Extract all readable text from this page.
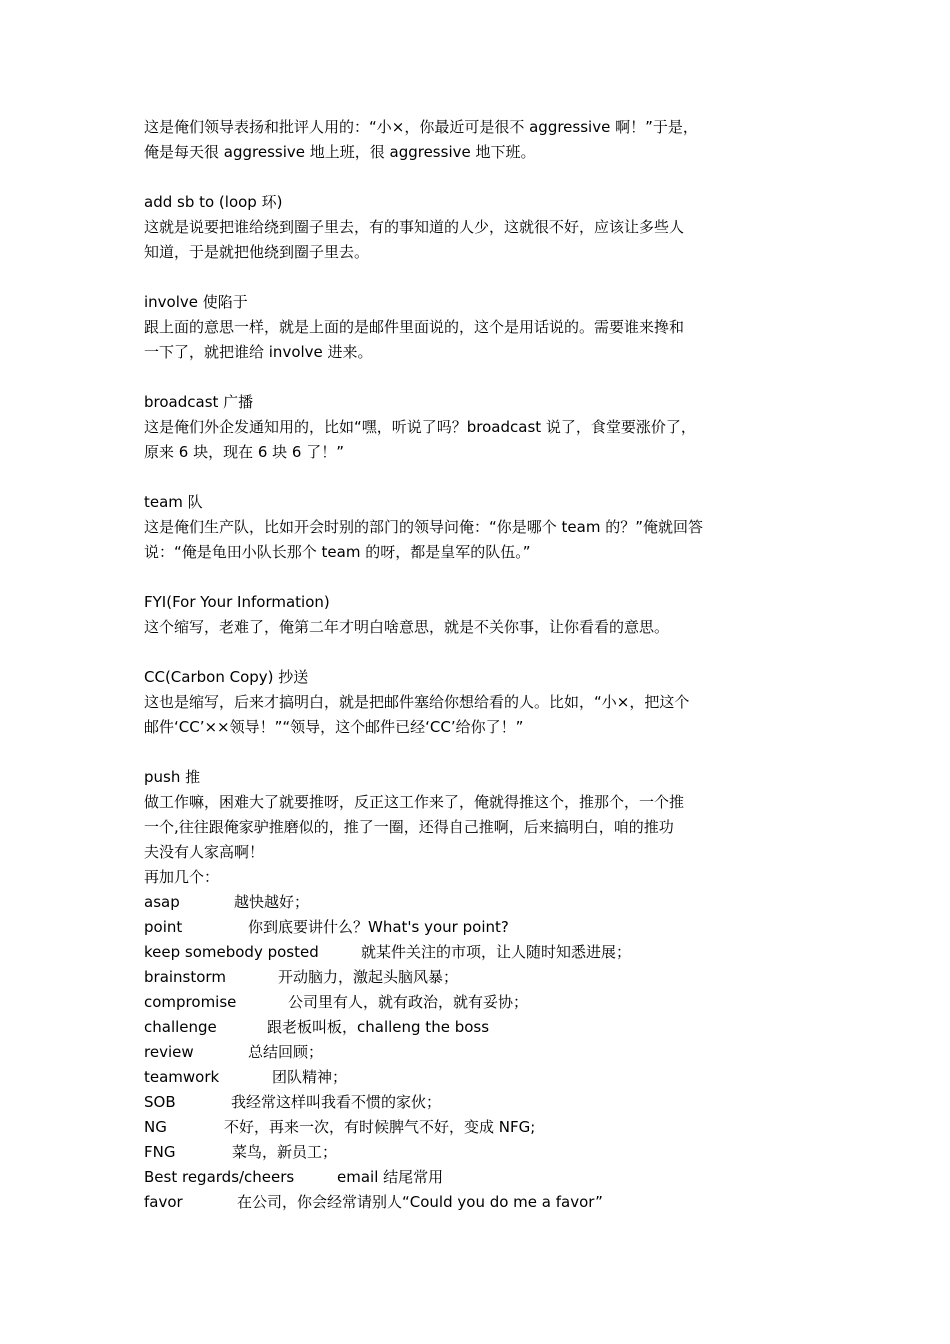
这是俺们领导表扬和批评人用的：“小×，你最近可是很不 aggressive 啊！”于是，
俺是每天很 aggressive 地上班，很 aggressive 地下班。
add sb to (loop 环)
这就是说要把谁给绕到圈子里去，有的事知道的人少，这就很不好，应该让多些人
知道，于是就把他绕到圈子里去。
involve 使陷于
跟上面的意思一样，就是上面的是邮件里面说的，这个是用话说的。需要谁来搀和
一下了，就把谁给 involve 进来。
broadcast 广播
这是俺们外企发通知用的，比如“嘿，听说了吗？broadcast 说了，食堂要涨价了，
原来 6 块，现在 6 块 6 了！”
team 队
这是俺们生产队，比如开会时别的部门的领导问俺：“你是哪个 team 的？”俺就回答
说：“俺是龟田小队长那个 team 的呀，都是皇军的队伍。”
FYI(For Your Information)
这个缩写，老难了，俺第二年才明白啥意思，就是不关你事，让你看看的意思。
CC(Carbon Copy) 抄送
这也是缩写，后来才搞明白，就是把邮件塞给你想给看的人。比如，“小×，把这个
邮件‘CC’××领导！”“领导，这个邮件已经‘CC’给你了！”
push 推
做工作嘛，困难大了就要推呀，反正这工作来了，俺就得推这个，推那个，一个推
一个,往往跟俺家驴推磨似的，推了一圈，还得自己推啊，后来搞明白，咱的推功
夫没有人家高啊！
再加几个：
asap	越快越好；
point	你到底要讲什么？What's your point?
keep somebody posted	就某件关注的市项，让人随时知悉进展；
brainstorm	开动脑力，激起头脑风暴；
compromise	公司里有人，就有政治，就有妥协；
challenge	跟老板叫板，challeng the boss
review	总结回顾；
teamwork	团队精神；
SOB	我经常这样叫我看不惯的家伙；
NG	不好，再来一次，有时候脾气不好，变成 NFG;
FNG	菜鸟，新员工；
Best regards/cheers	email 结尾常用
favor	在公司，你会经常请别人“Could you do me a favor”
